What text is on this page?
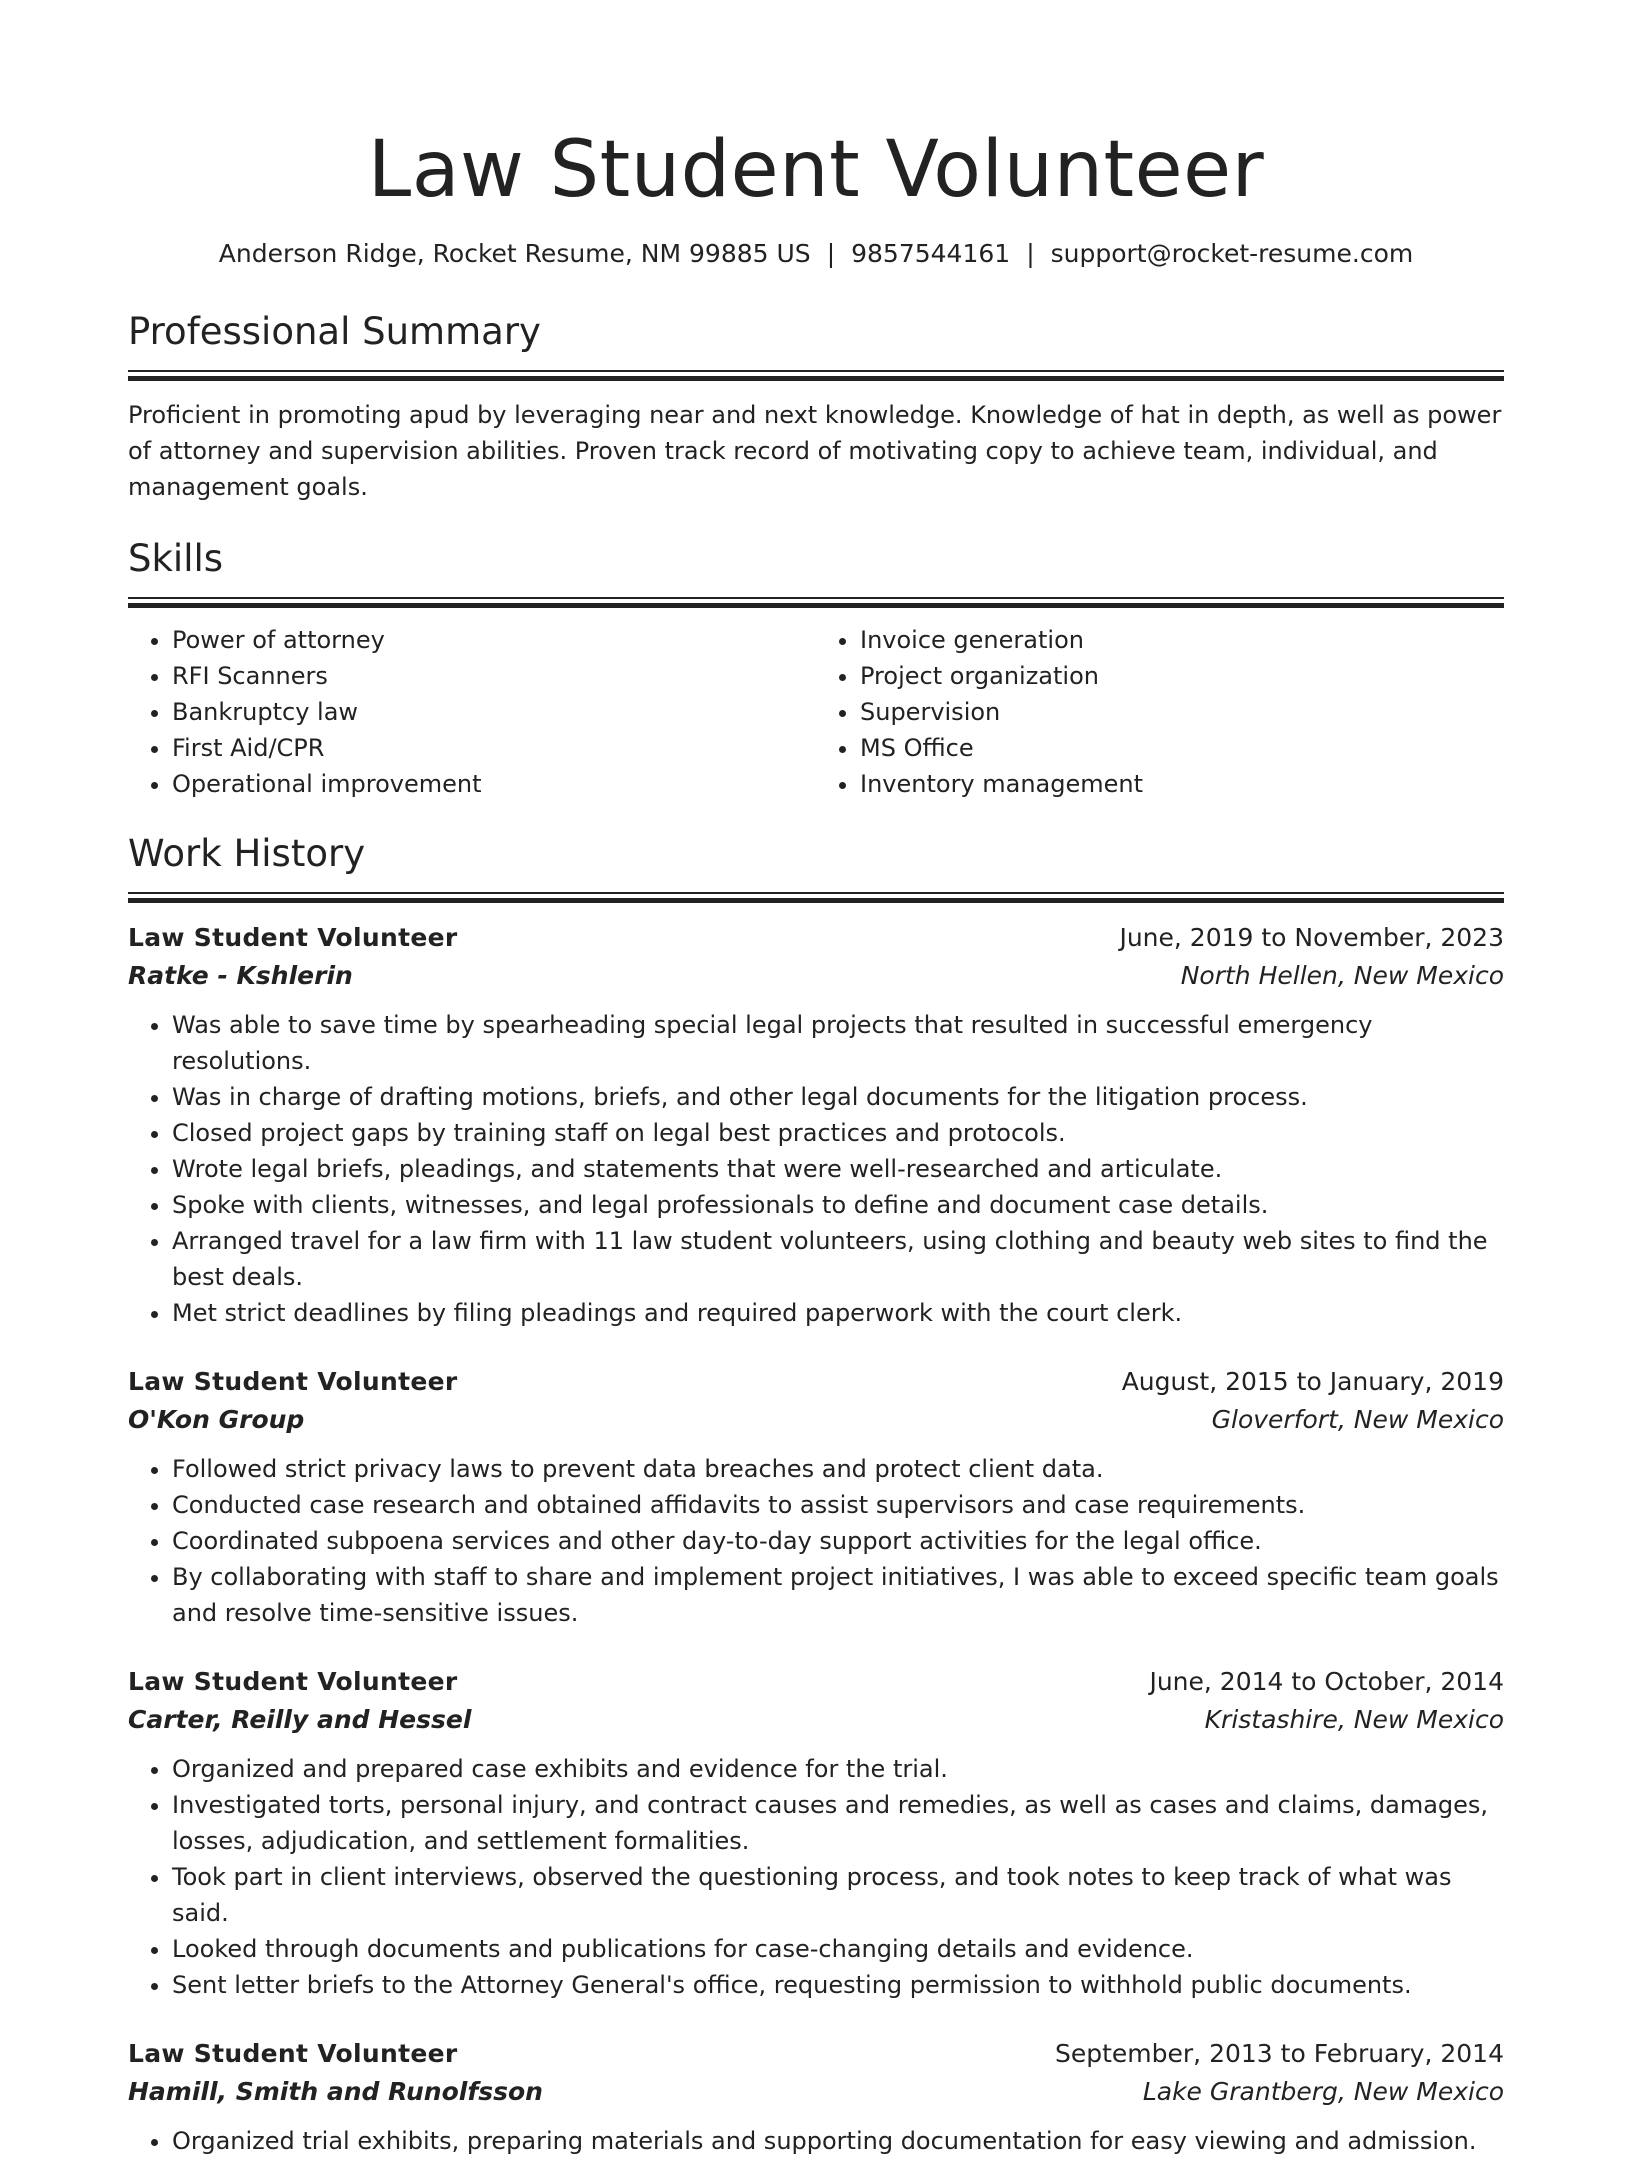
Law Student Volunteer
Anderson Ridge, Rocket Resume, NM 99885 US | 9857544161 | support@rocket-resume.com
Professional Summary

Proficient in promoting apud by leveraging near and next knowledge. Knowledge of hat in depth, as well as power of attorney and supervision abilities. Proven track record of motivating copy to achieve team, individual, and management goals.

Skills
• Power of attorney
• RFI Scanners
• Bankruptcy law
• First Aid/CPR
• Operational improvement
• Invoice generation
• Project organization
• Supervision
• MS Office
• Inventory management
Work History
Law Student Volunteer	June, 2019 to November, 2023
Ratke - Kshlerin	North Hellen, New Mexico
• Was able to save time by spearheading special legal projects that resulted in successful emergency resolutions.
• Was in charge of drafting motions, briefs, and other legal documents for the litigation process.
• Closed project gaps by training staff on legal best practices and protocols.
• Wrote legal briefs, pleadings, and statements that were well-researched and articulate.
• Spoke with clients, witnesses, and legal professionals to define and document case details.
• Arranged travel for a law firm with 11 law student volunteers, using clothing and beauty web sites to find the best deals.
• Met strict deadlines by filing pleadings and required paperwork with the court clerk.
Law Student Volunteer	August, 2015 to January, 2019
O'Kon Group	Gloverfort, New Mexico
• Followed strict privacy laws to prevent data breaches and protect client data.
• Conducted case research and obtained affidavits to assist supervisors and case requirements.
• Coordinated subpoena services and other day-to-day support activities for the legal office.
• By collaborating with staff to share and implement project initiatives, I was able to exceed specific team goals and resolve time-sensitive issues.
Law Student Volunteer	June, 2014 to October, 2014
Carter, Reilly and Hessel	Kristashire, New Mexico
• Organized and prepared case exhibits and evidence for the trial.
• Investigated torts, personal injury, and contract causes and remedies, as well as cases and claims, damages, losses, adjudication, and settlement formalities.
• Took part in client interviews, observed the questioning process, and took notes to keep track of what was said.
• Looked through documents and publications for case-changing details and evidence.
• Sent letter briefs to the Attorney General's office, requesting permission to withhold public documents.
Law Student Volunteer	September, 2013 to February, 2014
Hamill, Smith and Runolfsson	Lake Grantberg, New Mexico
• Organized trial exhibits, preparing materials and supporting documentation for easy viewing and admission.
